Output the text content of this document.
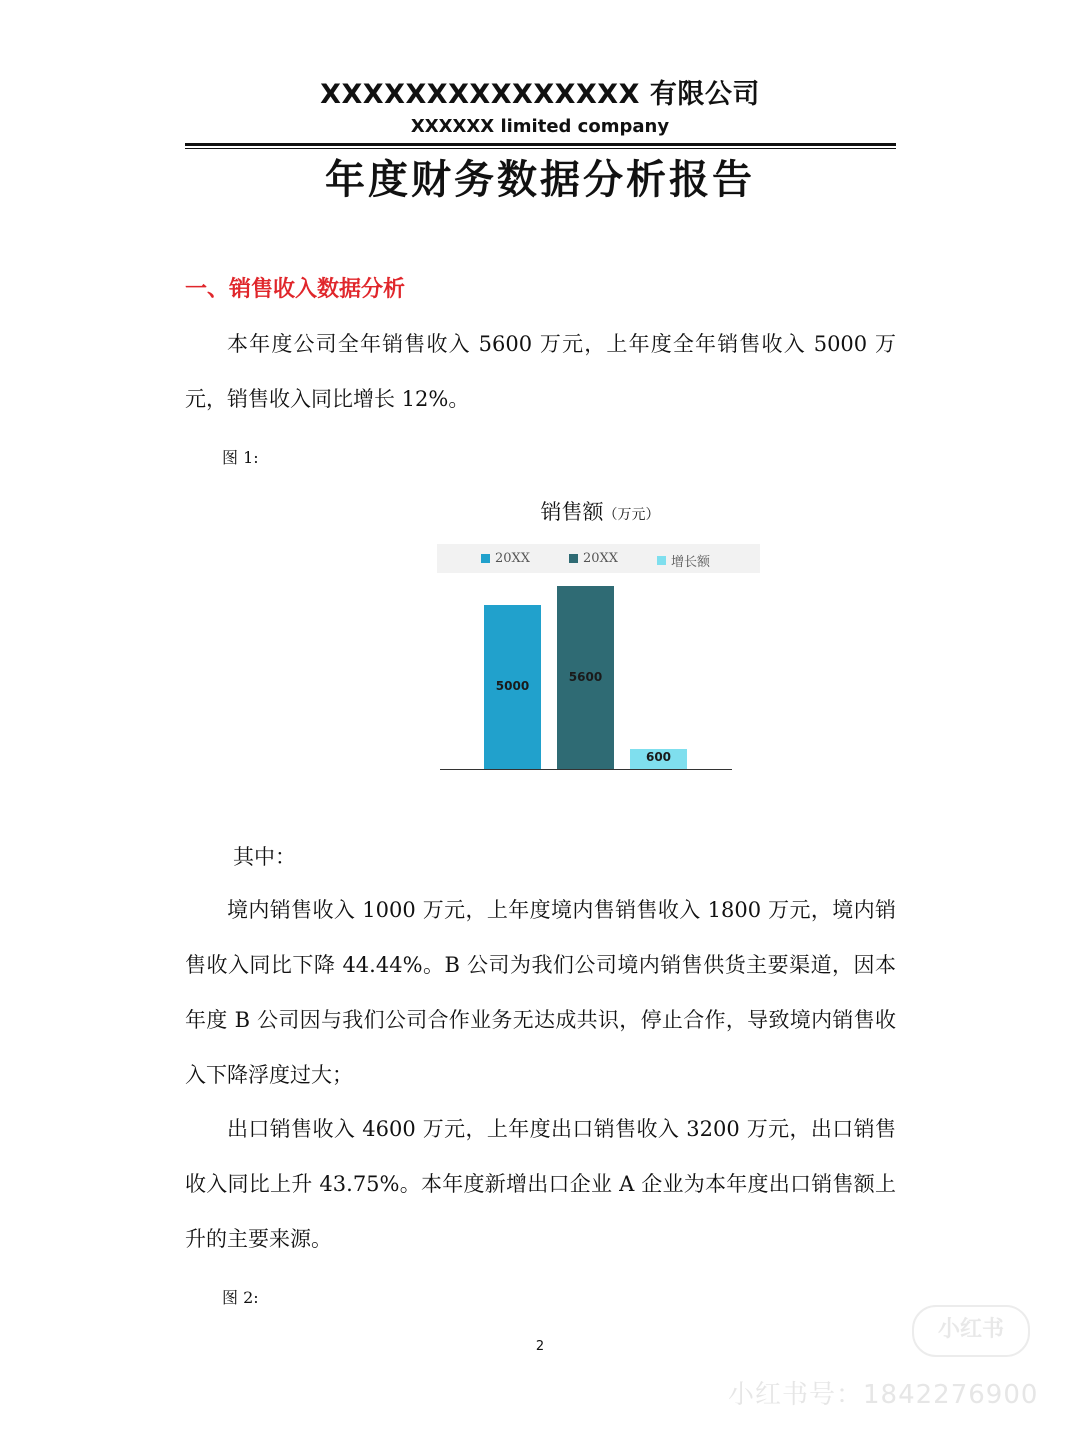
XXXXXXXXXXXXXXX 有限公司
XXXXXX limited company
年度财务数据分析报告
一、销售收入数据分析
本年度公司全年销售收入 5600 万元，上年度全年销售收入 5000 万元，销售收入同比增长 12%。
图 1:
销售额（万元）
20XX	20XX	增长额
5000
5600
600
其中：
境内销售收入 1000 万元，上年度境内售销售收入 1800 万元，境内销售收入同比下降 44.44%。B 公司为我们公司境内销售供货主要渠道，因本年度 B 公司因与我们公司合作业务无达成共识，停止合作，导致境内销售收入下降浮度过大；
出口销售收入 4600 万元，上年度出口销售收入 3200 万元，出口销售收入同比上升 43.75%。本年度新增出口企业 A 企业为本年度出口销售额上升的主要来源。
图 2:
2
小红书
小红书号：1842276900
